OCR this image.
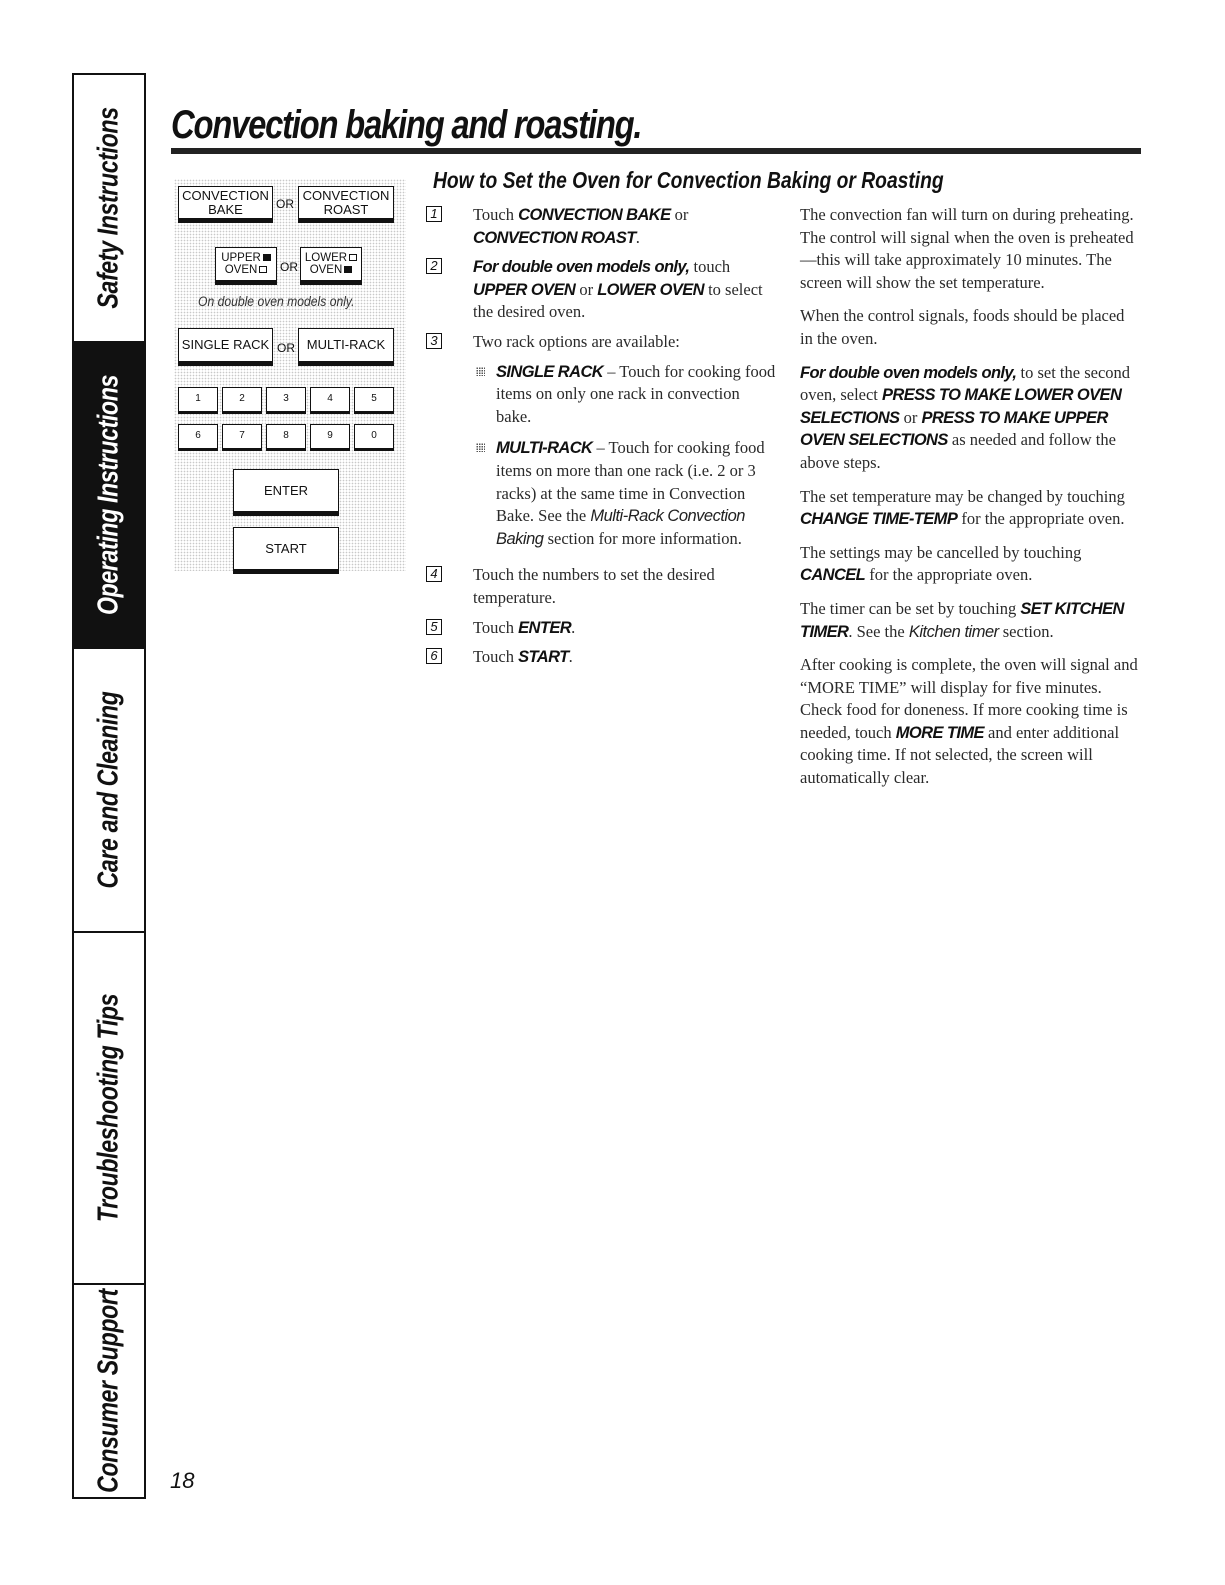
Safety Instructions
Operating Instructions
Care and Cleaning
Troubleshooting Tips
Consumer Support
Convection baking and roasting.
How to Set the Oven for Convection Baking or Roasting
CONVECTION
BAKE	OR
CONVECTION
ROAST
UPPER
OVEN	OR
LOWER
OVEN
On double oven models only.
SINGLE RACK OR MULTI-RACK
1	2	3	4	5
6	7	8	9	0
ENTER
START
1 Touch CONVECTION BAKE or CONVECTION ROAST.
2 For double oven models only, touch UPPER OVEN or LOWER OVEN to select the desired oven.
3 Two rack options are available:
SINGLE RACK – Touch for cooking food items on only one rack in convection bake.
MULTI-RACK – Touch for cooking food items on more than one rack (i.e. 2 or 3 racks) at the same time in Convection Bake. See the Multi-Rack Convection Baking section for more information.
4 Touch the numbers to set the desired temperature.
5 Touch ENTER.
6 Touch START.

The convection fan will turn on during preheating. The control will signal when the oven is preheated—this will take approximately 10 minutes. The screen will show the set temperature.

When the control signals, foods should be placed in the oven.

For double oven models only, to set the second oven, select PRESS TO MAKE LOWER OVEN SELECTIONS or PRESS TO MAKE UPPER OVEN SELECTIONS as needed and follow the above steps.

The set temperature may be changed by touching CHANGE TIME-TEMP for the appropriate oven.

The settings may be cancelled by touching CANCEL for the appropriate oven.

The timer can be set by touching SET KITCHEN TIMER. See the Kitchen timer section.

After cooking is complete, the oven will signal and “MORE TIME” will display for five minutes. Check food for doneness. If more cooking time is needed, touch MORE TIME and enter additional cooking time. If not selected, the screen will automatically clear.

18
